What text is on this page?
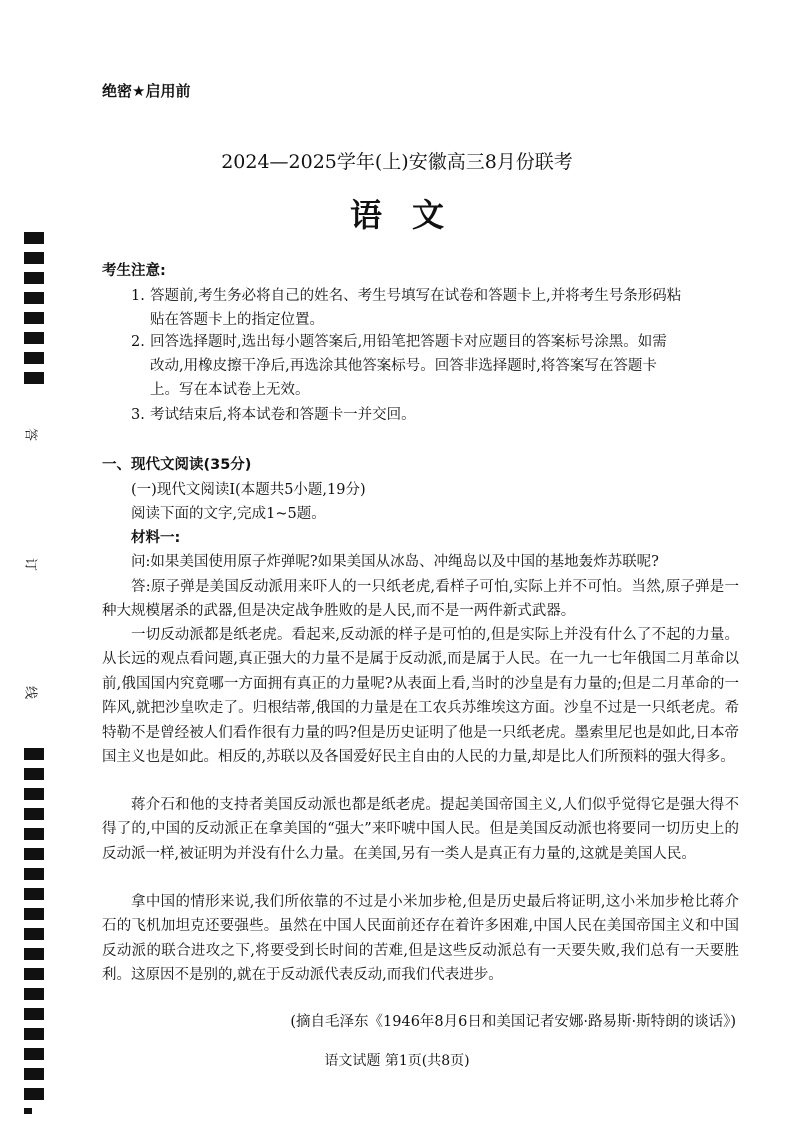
答
订
线
绝密★启用前
2024—2025学年(上)安徽高三8月份联考
语文
考生注意:
1. 答题前,考生务必将自己的姓名、考生号填写在试卷和答题卡上,并将考生号条形码粘
贴在答题卡上的指定位置。
2. 回答选择题时,选出每小题答案后,用铅笔把答题卡对应题目的答案标号涂黑。如需
改动,用橡皮擦干净后,再选涂其他答案标号。回答非选择题时,将答案写在答题卡
上。写在本试卷上无效。
3. 考试结束后,将本试卷和答题卡一并交回。
一、现代文阅读(35分)
(一)现代文阅读Ⅰ(本题共5小题,19分)
阅读下面的文字,完成1~5题。
材料一:
问:如果美国使用原子炸弹呢?如果美国从冰岛、冲绳岛以及中国的基地轰炸苏联呢?
答:原子弹是美国反动派用来吓人的一只纸老虎,看样子可怕,实际上并不可怕。当然,原子弹是一种大规模屠杀的武器,但是决定战争胜败的是人民,而不是一两件新式武器。
一切反动派都是纸老虎。看起来,反动派的样子是可怕的,但是实际上并没有什么了不起的力量。从长远的观点看问题,真正强大的力量不是属于反动派,而是属于人民。在一九一七年俄国二月革命以前,俄国国内究竟哪一方面拥有真正的力量呢?从表面上看,当时的沙皇是有力量的;但是二月革命的一阵风,就把沙皇吹走了。归根结蒂,俄国的力量是在工农兵苏维埃这方面。沙皇不过是一只纸老虎。希特勒不是曾经被人们看作很有力量的吗?但是历史证明了他是一只纸老虎。墨索里尼也是如此,日本帝国主义也是如此。相反的,苏联以及各国爱好民主自由的人民的力量,却是比人们所预料的强大得多。
蒋介石和他的支持者美国反动派也都是纸老虎。提起美国帝国主义,人们似乎觉得它是强大得不得了的,中国的反动派正在拿美国的“强大”来吓唬中国人民。但是美国反动派也将要同一切历史上的反动派一样,被证明为并没有什么力量。在美国,另有一类人是真正有力量的,这就是美国人民。
拿中国的情形来说,我们所依靠的不过是小米加步枪,但是历史最后将证明,这小米加步枪比蒋介石的飞机加坦克还要强些。虽然在中国人民面前还存在着许多困难,中国人民在美国帝国主义和中国反动派的联合进攻之下,将要受到长时间的苦难,但是这些反动派总有一天要失败,我们总有一天要胜利。这原因不是别的,就在于反动派代表反动,而我们代表进步。
(摘自毛泽东《1946年8月6日和美国记者安娜·路易斯·斯特朗的谈话》)
语文试题 第1页(共8页)
